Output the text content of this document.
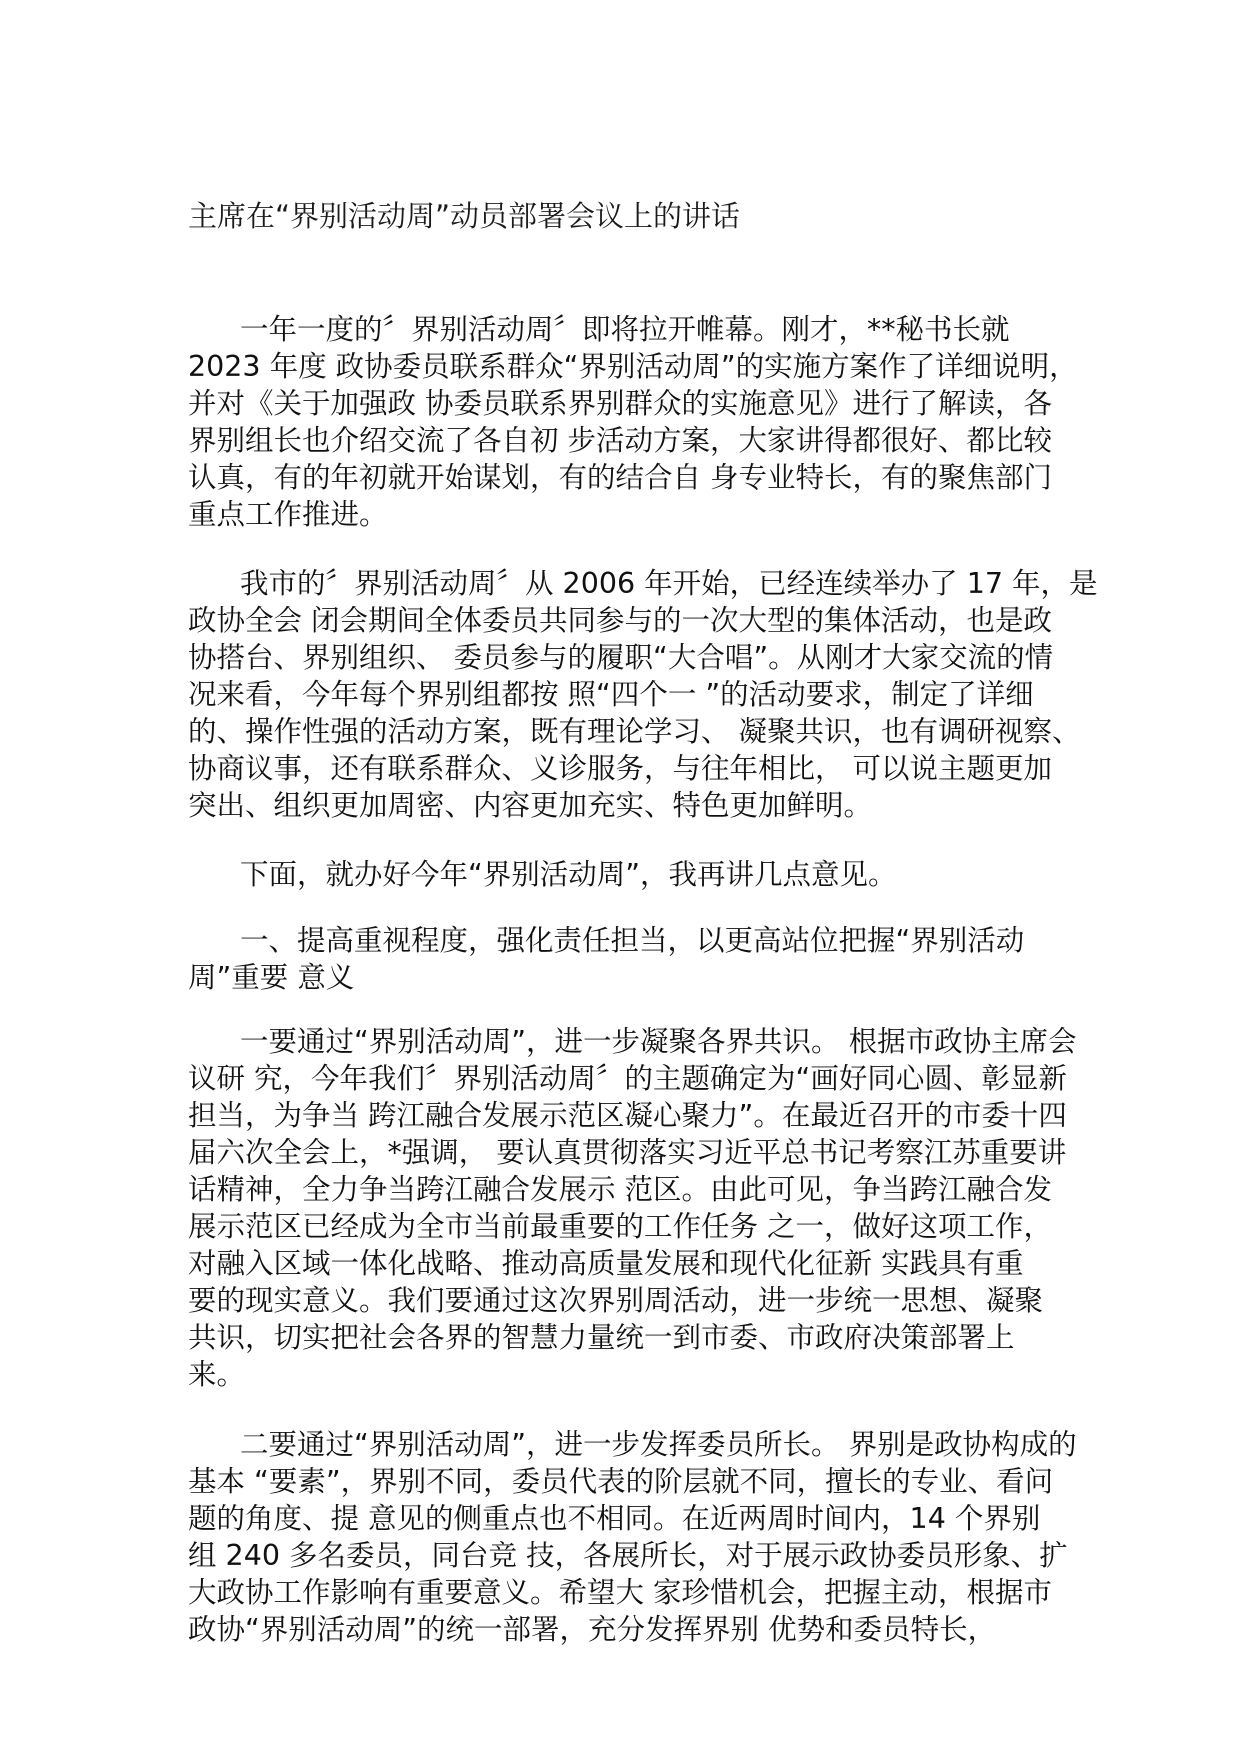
主席在“界别活动周”动员部署会议上的讲话
一年一度的〞界别活动周〞即将拉开帷幕。刚才，**秘书长就
2023 年度 政协委员联系群众“界别活动周”的实施方案作了详细说明，
并对《关于加强政 协委员联系界别群众的实施意见》进行了解读，各
界别组长也介绍交流了各自初 步活动方案，大家讲得都很好、都比较
认真，有的年初就开始谋划，有的结合自 身专业特长，有的聚焦部门
重点工作推进。
我市的〞界别活动周〞从 2006 年开始，已经连续举办了 17 年，是
政协全会 闭会期间全体委员共同参与的一次大型的集体活动，也是政
协搭台、界别组织、 委员参与的履职“大合唱”。从刚才大家交流的情
况来看，今年每个界别组都按 照“四个一 ”的活动要求，制定了详细
的、操作性强的活动方案，既有理论学习、 凝聚共识，也有调研视察、
协商议事，还有联系群众、义诊服务，与往年相比， 可以说主题更加
突出、组织更加周密、内容更加充实、特色更加鲜明。
下面，就办好今年“界别活动周”，我再讲几点意见。
一、提高重视程度，强化责任担当，以更高站位把握“界别活动
周”重要 意义
一要通过“界别活动周”，进一步凝聚各界共识。 根据市政协主席会
议研 究，今年我们〞界别活动周〞的主题确定为“画好同心圆、彰显新
担当，为争当 跨江融合发展示范区凝心聚力”。在最近召开的市委十四
届六次全会上，*强调， 要认真贯彻落实习近平总书记考察江苏重要讲
话精神，全力争当跨江融合发展示 范区。由此可见，争当跨江融合发
展示范区已经成为全市当前最重要的工作任务 之一，做好这项工作，
对融入区域一体化战略、推动高质量发展和现代化征新 实践具有重
要的现实意义。我们要通过这次界别周活动，进一步统一思想、凝聚
共识，切实把社会各界的智慧力量统一到市委、市政府决策部署上
来。
二要通过“界别活动周”，进一步发挥委员所长。 界别是政协构成的
基本 “要素”，界别不同，委员代表的阶层就不同，擅长的专业、看问
题的角度、提 意见的侧重点也不相同。在近两周时间内，14 个界别
组 240 多名委员，同台竞 技，各展所长，对于展示政协委员形象、扩
大政协工作影响有重要意义。希望大 家珍惜机会，把握主动，根据市
政协“界别活动周”的统一部署，充分发挥界别 优势和委员特长，
